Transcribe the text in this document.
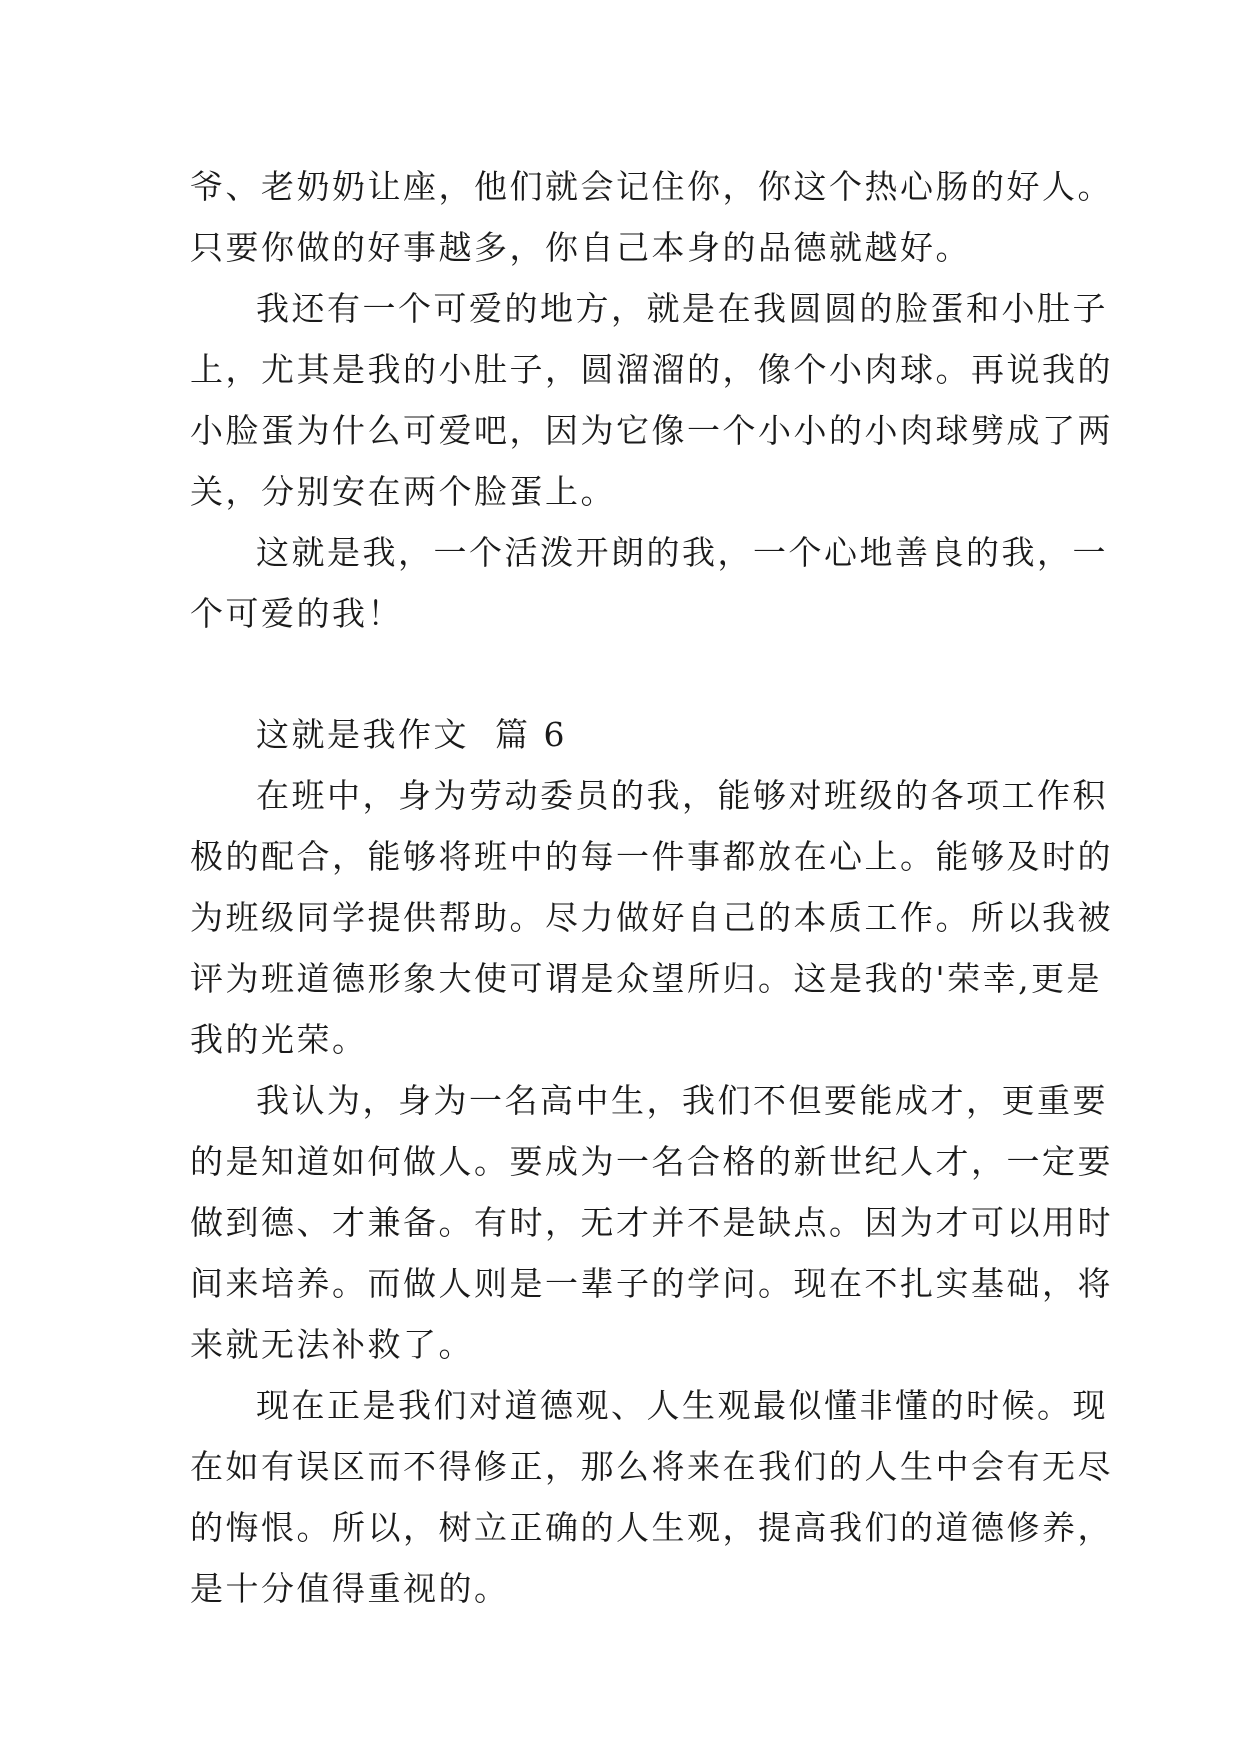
爷、老奶奶让座，他们就会记住你，你这个热心肠的好人。
只要你做的好事越多，你自己本身的品德就越好。
我还有一个可爱的地方，就是在我圆圆的脸蛋和小肚子
上，尤其是我的小肚子，圆溜溜的，像个小肉球。再说我的
小脸蛋为什么可爱吧，因为它像一个小小的小肉球劈成了两
关，分别安在两个脸蛋上。
这就是我，一个活泼开朗的我，一个心地善良的我，一
个可爱的我！
这就是我作文  篇 6
在班中，身为劳动委员的我，能够对班级的各项工作积
极的配合，能够将班中的每一件事都放在心上。能够及时的
为班级同学提供帮助。尽力做好自己的本质工作。所以我被
评为班道德形象大使可谓是众望所归。这是我的'荣幸,更是
我的光荣。
我认为，身为一名高中生，我们不但要能成才，更重要
的是知道如何做人。要成为一名合格的新世纪人才，一定要
做到德、才兼备。有时，无才并不是缺点。因为才可以用时
间来培养。而做人则是一辈子的学问。现在不扎实基础，将
来就无法补救了。
现在正是我们对道德观、人生观最似懂非懂的时候。现
在如有误区而不得修正，那么将来在我们的人生中会有无尽
的悔恨。所以，树立正确的人生观，提高我们的道德修养，
是十分值得重视的。
